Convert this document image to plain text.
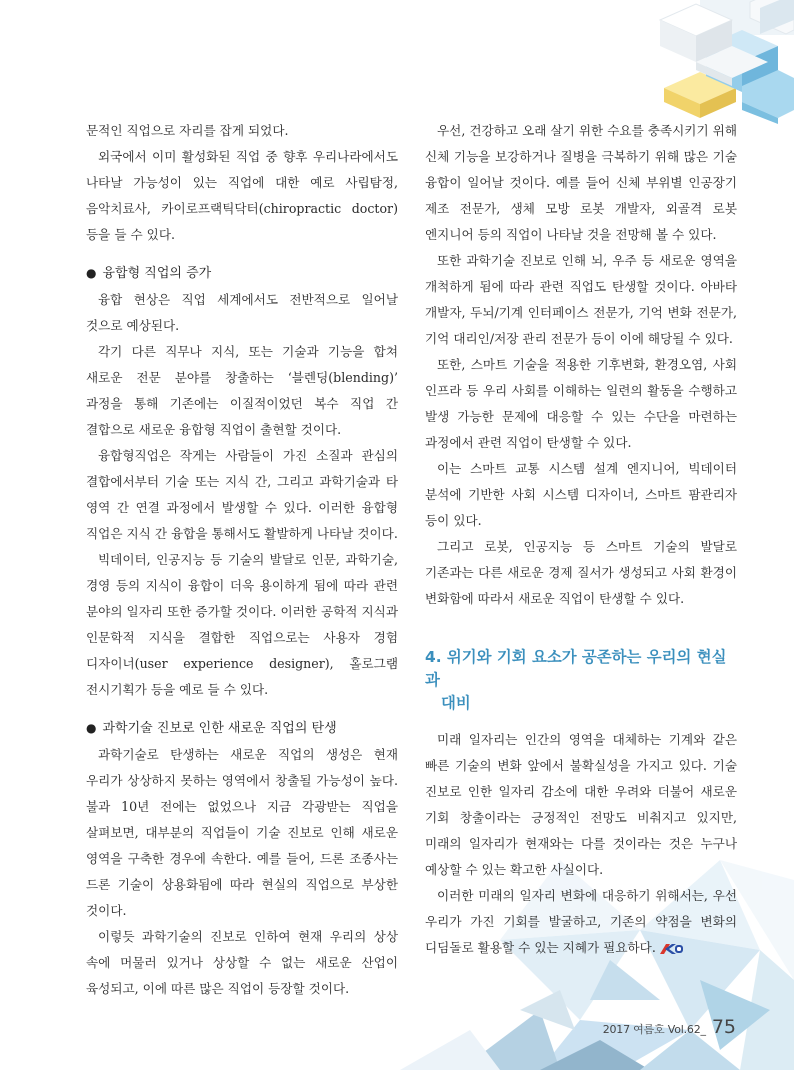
문적인 직업으로 자리를 잡게 되었다.
외국에서 이미 활성화된 직업 중 향후 우리나라에서도 나타날 가능성이 있는 직업에 대한 예로 사립탐정, 음악치료사, 카이로프랙틱닥터(chiropractic doctor) 등을 들 수 있다.
● 융합형 직업의 증가
융합 현상은 직업 세계에서도 전반적으로 일어날 것으로 예상된다.
각기 다른 직무나 지식, 또는 기술과 기능을 합쳐 새로운 전문 분야를 창출하는 ‘블렌딩(blending)’ 과정을 통해 기존에는 이질적이었던 복수 직업 간 결합으로 새로운 융합형 직업이 출현할 것이다.
융합형직업은 작게는 사람들이 가진 소질과 관심의 결합에서부터 기술 또는 지식 간, 그리고 과학기술과 타 영역 간 연결 과정에서 발생할 수 있다. 이러한 융합형 직업은 지식 간 융합을 통해서도 활발하게 나타날 것이다.
빅데이터, 인공지능 등 기술의 발달로 인문, 과학기술, 경영 등의 지식이 융합이 더욱 용이하게 됨에 따라 관련 분야의 일자리 또한 증가할 것이다. 이러한 공학적 지식과 인문학적 지식을 결합한 직업으로는 사용자 경험 디자이너(user experience designer), 홀로그램 전시기획가 등을 예로 들 수 있다.
● 과학기술 진보로 인한 새로운 직업의 탄생
과학기술로 탄생하는 새로운 직업의 생성은 현재 우리가 상상하지 못하는 영역에서 창출될 가능성이 높다. 불과 10년 전에는 없었으나 지금 각광받는 직업을 살펴보면, 대부분의 직업들이 기술 진보로 인해 새로운 영역을 구축한 경우에 속한다. 예를 들어, 드론 조종사는 드론 기술이 상용화됨에 따라 현실의 직업으로 부상한 것이다.
이렇듯 과학기술의 진보로 인하여 현재 우리의 상상 속에 머물러 있거나 상상할 수 없는 새로운 산업이 육성되고, 이에 따른 많은 직업이 등장할 것이다.
우선, 건강하고 오래 살기 위한 수요를 충족시키기 위해 신체 기능을 보강하거나 질병을 극복하기 위해 많은 기술 융합이 일어날 것이다. 예를 들어 신체 부위별 인공장기 제조 전문가, 생체 모방 로봇 개발자, 외골격 로봇 엔지니어 등의 직업이 나타날 것을 전망해 볼 수 있다.
또한 과학기술 진보로 인해 뇌, 우주 등 새로운 영역을 개척하게 됨에 따라 관련 직업도 탄생할 것이다. 아바타 개발자, 두뇌/기계 인터페이스 전문가, 기억 변화 전문가, 기억 대리인/저장 관리 전문가 등이 이에 해당될 수 있다.
또한, 스마트 기술을 적용한 기후변화, 환경오염, 사회 인프라 등 우리 사회를 이해하는 일련의 활동을 수행하고 발생 가능한 문제에 대응할 수 있는 수단을 마련하는 과정에서 관련 직업이 탄생할 수 있다.
이는 스마트 교통 시스템 설계 엔지니어, 빅데이터 분석에 기반한 사회 시스템 디자이너, 스마트 팜관리자 등이 있다.
그리고 로봇, 인공지능 등 스마트 기술의 발달로 기존과는 다른 새로운 경제 질서가 생성되고 사회 환경이 변화함에 따라서 새로운 직업이 탄생할 수 있다.
4. 위기와 기회 요소가 공존하는 우리의 현실과
대비
미래 일자리는 인간의 영역을 대체하는 기계와 같은 빠른 기술의 변화 앞에서 불확실성을 가지고 있다. 기술 진보로 인한 일자리 감소에 대한 우려와 더불어 새로운 기회 창출이라는 긍정적인 전망도 비춰지고 있지만, 미래의 일자리가 현재와는 다를 것이라는 것은 누구나 예상할 수 있는 확고한 사실이다.
이러한 미래의 일자리 변화에 대응하기 위해서는, 우선 우리가 가진 기회를 발굴하고, 기존의 약점을 변화의 디딤돌로 활용할 수 있는 지혜가 필요하다.
2017 여름호 Vol.62_ 75
